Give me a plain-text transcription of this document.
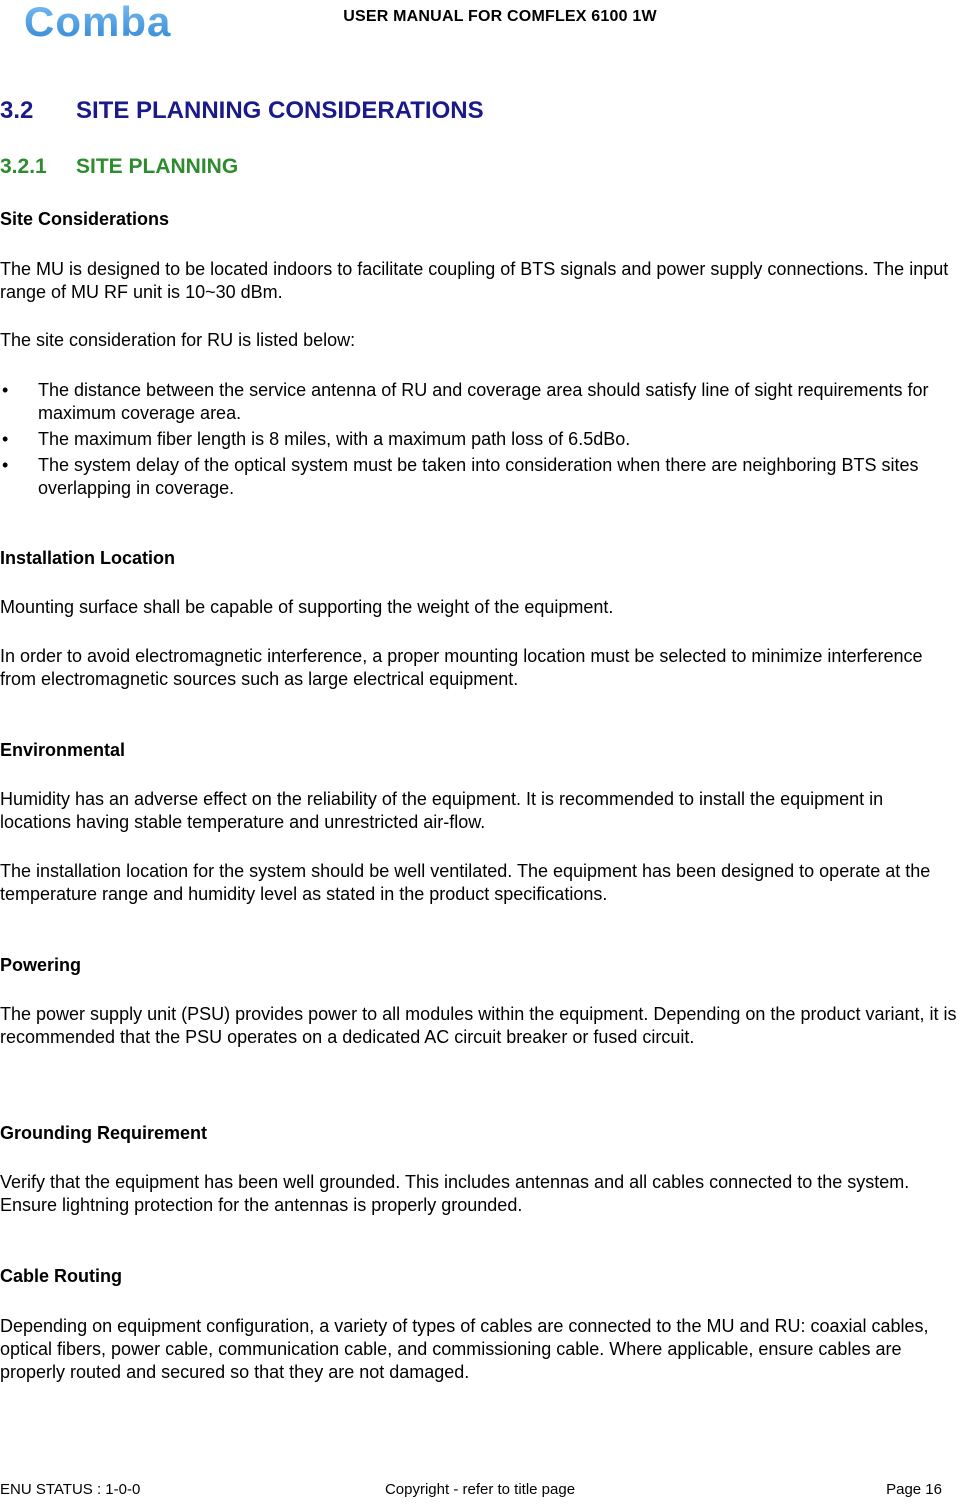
Comba	USER MANUAL FOR COMFLEX 6100 1W
3.2 SITE PLANNING CONSIDERATIONS
3.2.1 SITE PLANNING
Site Considerations
The MU is designed to be located indoors to facilitate coupling of BTS signals and power supply connections. The input range of MU RF unit is 10~30 dBm.
The site consideration for RU is listed below:
• The distance between the service antenna of RU and coverage area should satisfy line of sight requirements for maximum coverage area.
• The maximum fiber length is 8 miles, with a maximum path loss of 6.5dBo.
• The system delay of the optical system must be taken into consideration when there are neighboring BTS sites overlapping in coverage.
Installation Location
Mounting surface shall be capable of supporting the weight of the equipment.
In order to avoid electromagnetic interference, a proper mounting location must be selected to minimize interference from electromagnetic sources such as large electrical equipment.
Environmental
Humidity has an adverse effect on the reliability of the equipment. It is recommended to install the equipment in locations having stable temperature and unrestricted air-flow.
The installation location for the system should be well ventilated. The equipment has been designed to operate at the temperature range and humidity level as stated in the product specifications.
Powering
The power supply unit (PSU) provides power to all modules within the equipment. Depending on the product variant, it is recommended that the PSU operates on a dedicated AC circuit breaker or fused circuit.
Grounding Requirement
Verify that the equipment has been well grounded. This includes antennas and all cables connected to the system. Ensure lightning protection for the antennas is properly grounded.
Cable Routing
Depending on equipment configuration, a variety of types of cables are connected to the MU and RU: coaxial cables, optical fibers, power cable, communication cable, and commissioning cable. Where applicable, ensure cables are properly routed and secured so that they are not damaged.
ENU STATUS : 1-0-0	Copyright - refer to title page	Page 16
